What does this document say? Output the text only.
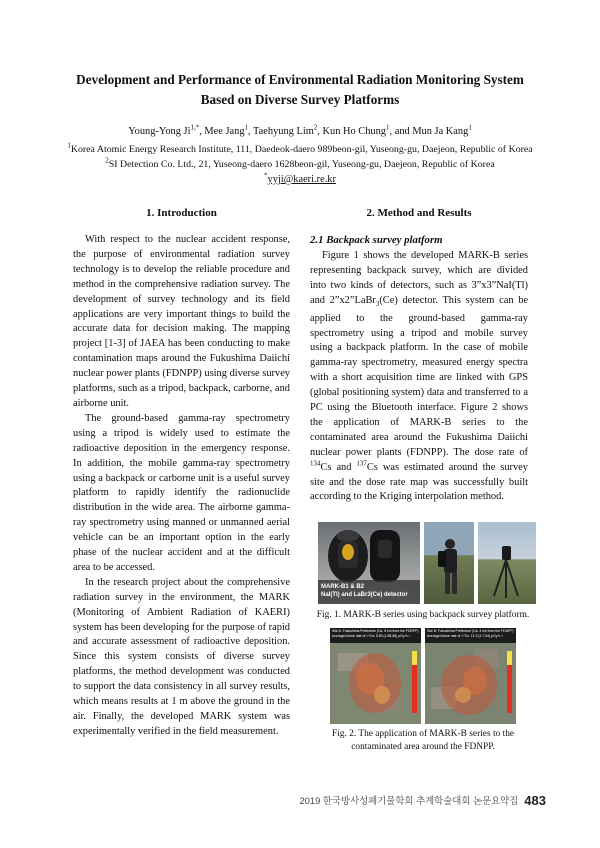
Development and Performance of Environmental Radiation Monitoring System
Based on Diverse Survey Platforms
Young-Yong $Ji^{1,*}$, Mee Jang$^1$, Taehyung Lim$^2$, Kun Ho Chung$^1$, and Mun Ja Kang$^1$
$^1$Korea Atomic Energy Research Institute, 111, Daedeok-daero 989beon-gil, Yuseong-gu, Daejeon, Republic of Korea
$^2$SI Detection Co. Ltd., 21, Yuseong-daero 1628beon-gil, Yuseong-gu, Daejeon, Republic of Korea
*yyji@kaeri.re.kr
1. Introduction	2. Method and Results

With respect to the nuclear accident response, the purpose of environmental radiation survey technology is to develop the reliable procedure and method in the comprehensive radiation survey. The development of survey technology and its field applications are very important things to build the accurate data for decision making. The mapping project [1-3] of JAEA has been conducting to make contamination maps around the Fukushima Daiichi nuclear power plants (FDNPP) using diverse survey platforms, such as a tripod, backpack, carborne, and airborne unit.

The ground-based gamma-ray spectrometry using a tripod is widely used to estimate the radioactive deposition in the emergency response. In addition, the mobile gamma-ray spectrometry using a backpack or carborne unit is a useful survey platform to rapidly identify the radionuclide distribution in the wide area. The airborne gamma-ray spectrometry using manned or unmanned aerial vehicle can be an important option in the early phase of the nuclear accident and at the difficult area to be accessed.

In the research project about the comprehensive radiation survey in the environment, the MARK (Monitoring of Ambient Radiation of KAERI) system has been developing for the purpose of rapid and accurate assessment of radioactive deposition. Since this system consists of diverse survey platforms, the method development was conducted to support the data consistency in all survey results, which means results at 1 m above the ground in the air. Finally, the developed MARK system was experimentally verified in the field measurement.

2.1 Backpack survey platform

Figure 1 shows the developed MARK-B series representing backpack survey, which are divided into two kinds of detectors, such as 3”x3”NaI(Tl) and 2”x2”LaBr$_3$(Ce) detector. This system can be applied to the ground-based gamma-ray spectrometry using a tripod and mobile survey using a backpack platform. In the case of mobile gamma-ray spectrometry, measured energy spectra with a short acquisition time are linked with GPS (global positioning system) data and transferred to a PC using the Bluetooth interface. Figure 2 shows the application of MARK-B series to the contaminated area around the Fukushima Daiichi nuclear power plants (FDNPP). The dose rate of $^{134}$Cs and $^{137}$Cs was estimated around the survey site and the dose rate map was successfully built according to the Kriging interpolation method.

MARK-B1 & B2
NaI(Tl) and LaBr3(Ce) detector
Fig. 1. MARK-B series using backpack survey platform.
Site A: Fukushima Prefecture (Ca. 8 km from the FDNPP)
Averaged dose rate of ¹³⁴Cs: 5.80 (1.88-88) μGy·h⁻¹
Site B: Fukushima Prefecture (Ca. 4 km from the FDNPP)
Averaged dose rate of ¹³⁷Cs: 12.3 (4.7-94) μGy·h⁻¹
Fig. 2. The application of MARK-B series to the
contaminated area around the FDNPP.
2019 한국방사성폐기물학회 추계학술대회 논문요약집 483
